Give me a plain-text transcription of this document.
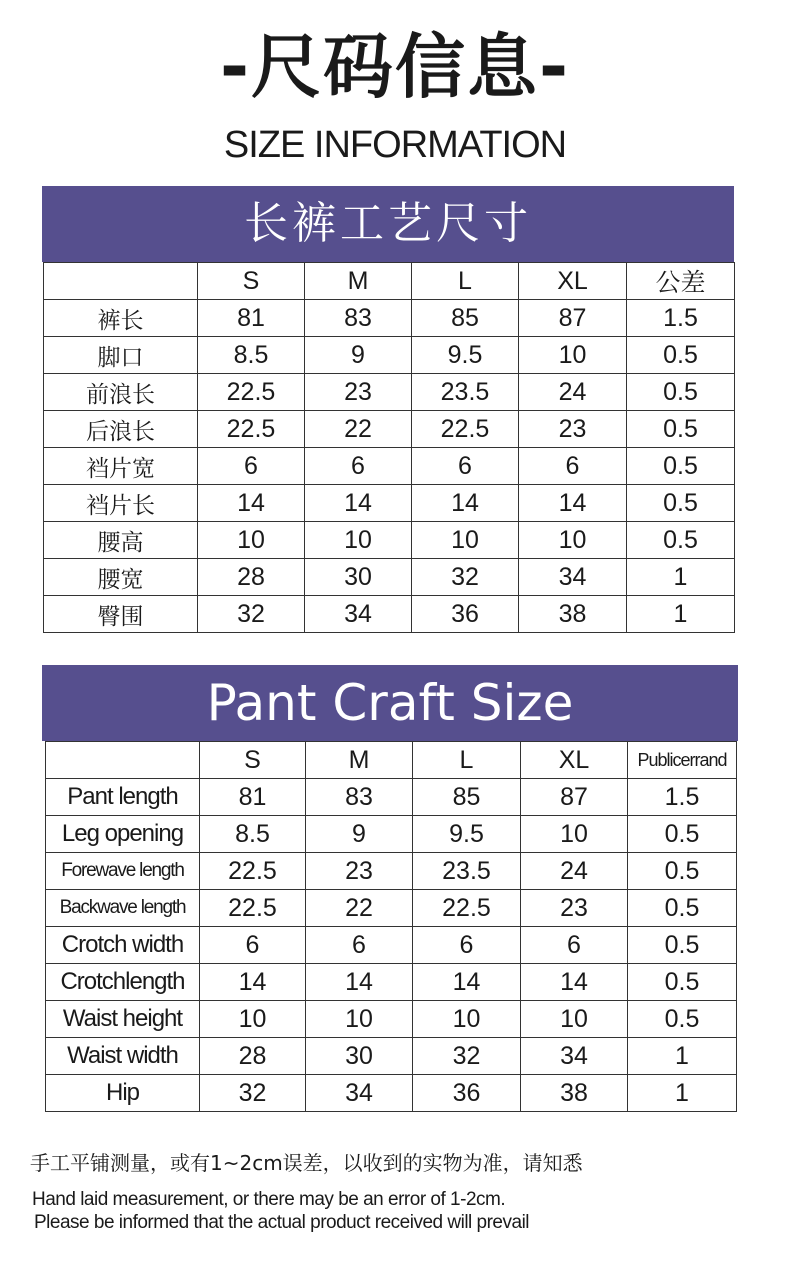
-尺码信息-
SIZE INFORMATION
长裤工艺尺寸
	S	M	L	XL	公差
裤长	81	83	85	87	1.5
脚口	8.5	9	9.5	10	0.5
前浪长	22.5	23	23.5	24	0.5
后浪长	22.5	22	22.5	23	0.5
裆片宽	6	6	6	6	0.5
裆片长	14	14	14	14	0.5
腰高	10	10	10	10	0.5
腰宽	28	30	32	34	1
臀围	32	34	36	38	1
Pant Craft Size
	S	M	L	XL	Publicerrand
Pant length	81	83	85	87	1.5
Leg opening	8.5	9	9.5	10	0.5
Forewave length	22.5	23	23.5	24	0.5
Backwave length	22.5	22	22.5	23	0.5
Crotch width	6	6	6	6	0.5
Crotchlength	14	14	14	14	0.5
Waist height	10	10	10	10	0.5
Waist width	28	30	32	34	1
Hip	32	34	36	38	1
手工平铺测量，或有1~2cm误差，以收到的实物为准，请知悉
Hand laid measurement, or there may be an error of 1-2cm.
Please be informed that the actual product received will prevail
